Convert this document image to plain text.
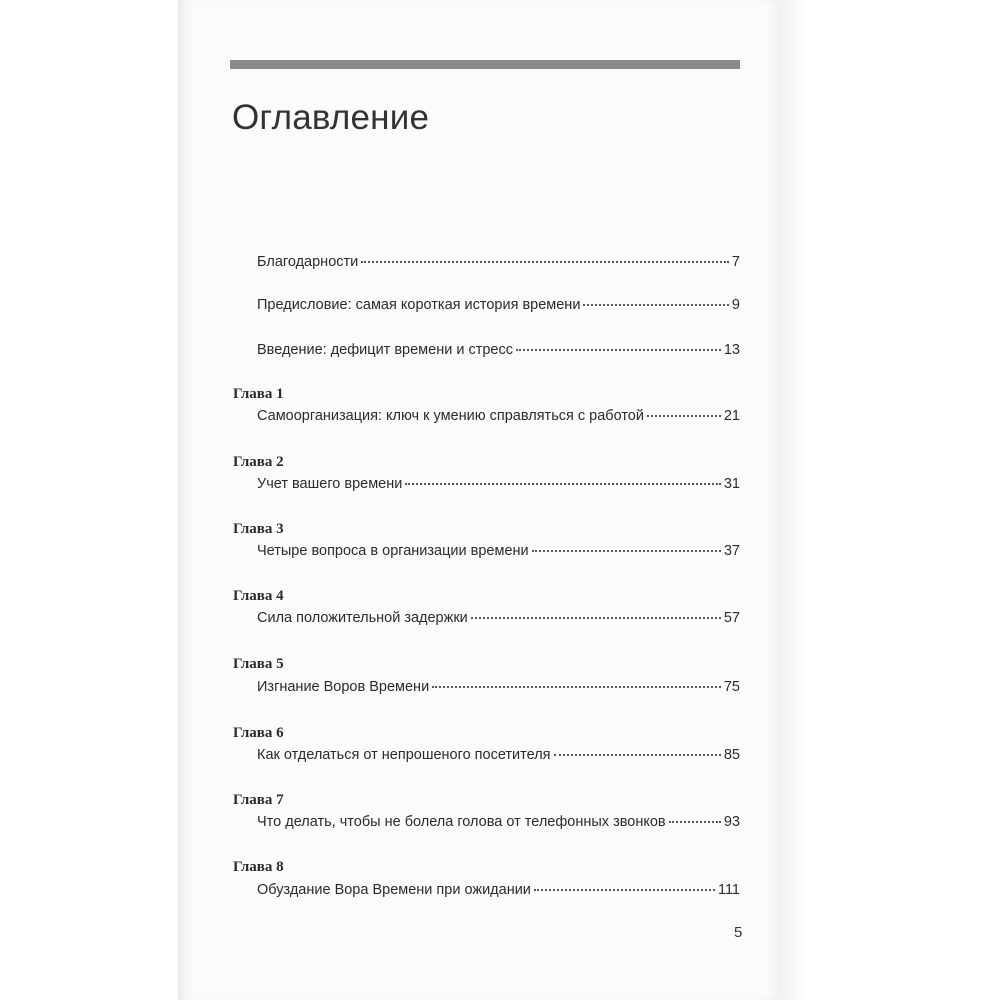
Оглавление
Благодарности	7
Предисловие: самая короткая история времени	9
Введение: дефицит времени и стресс	13
Глава 1
Самоорганизация: ключ к умению справляться с работой	21
Глава 2
Учет вашего времени	31
Глава 3
Четыре вопроса в организации времени	37
Глава 4
Сила положительной задержки	57
Глава 5
Изгнание Воров Времени	75
Глава 6
Как отделаться от непрошеного посетителя	85
Глава 7
Что делать, чтобы не болела голова от телефонных звонков	93
Глава 8
Обуздание Вора Времени при ожидании	111
5
